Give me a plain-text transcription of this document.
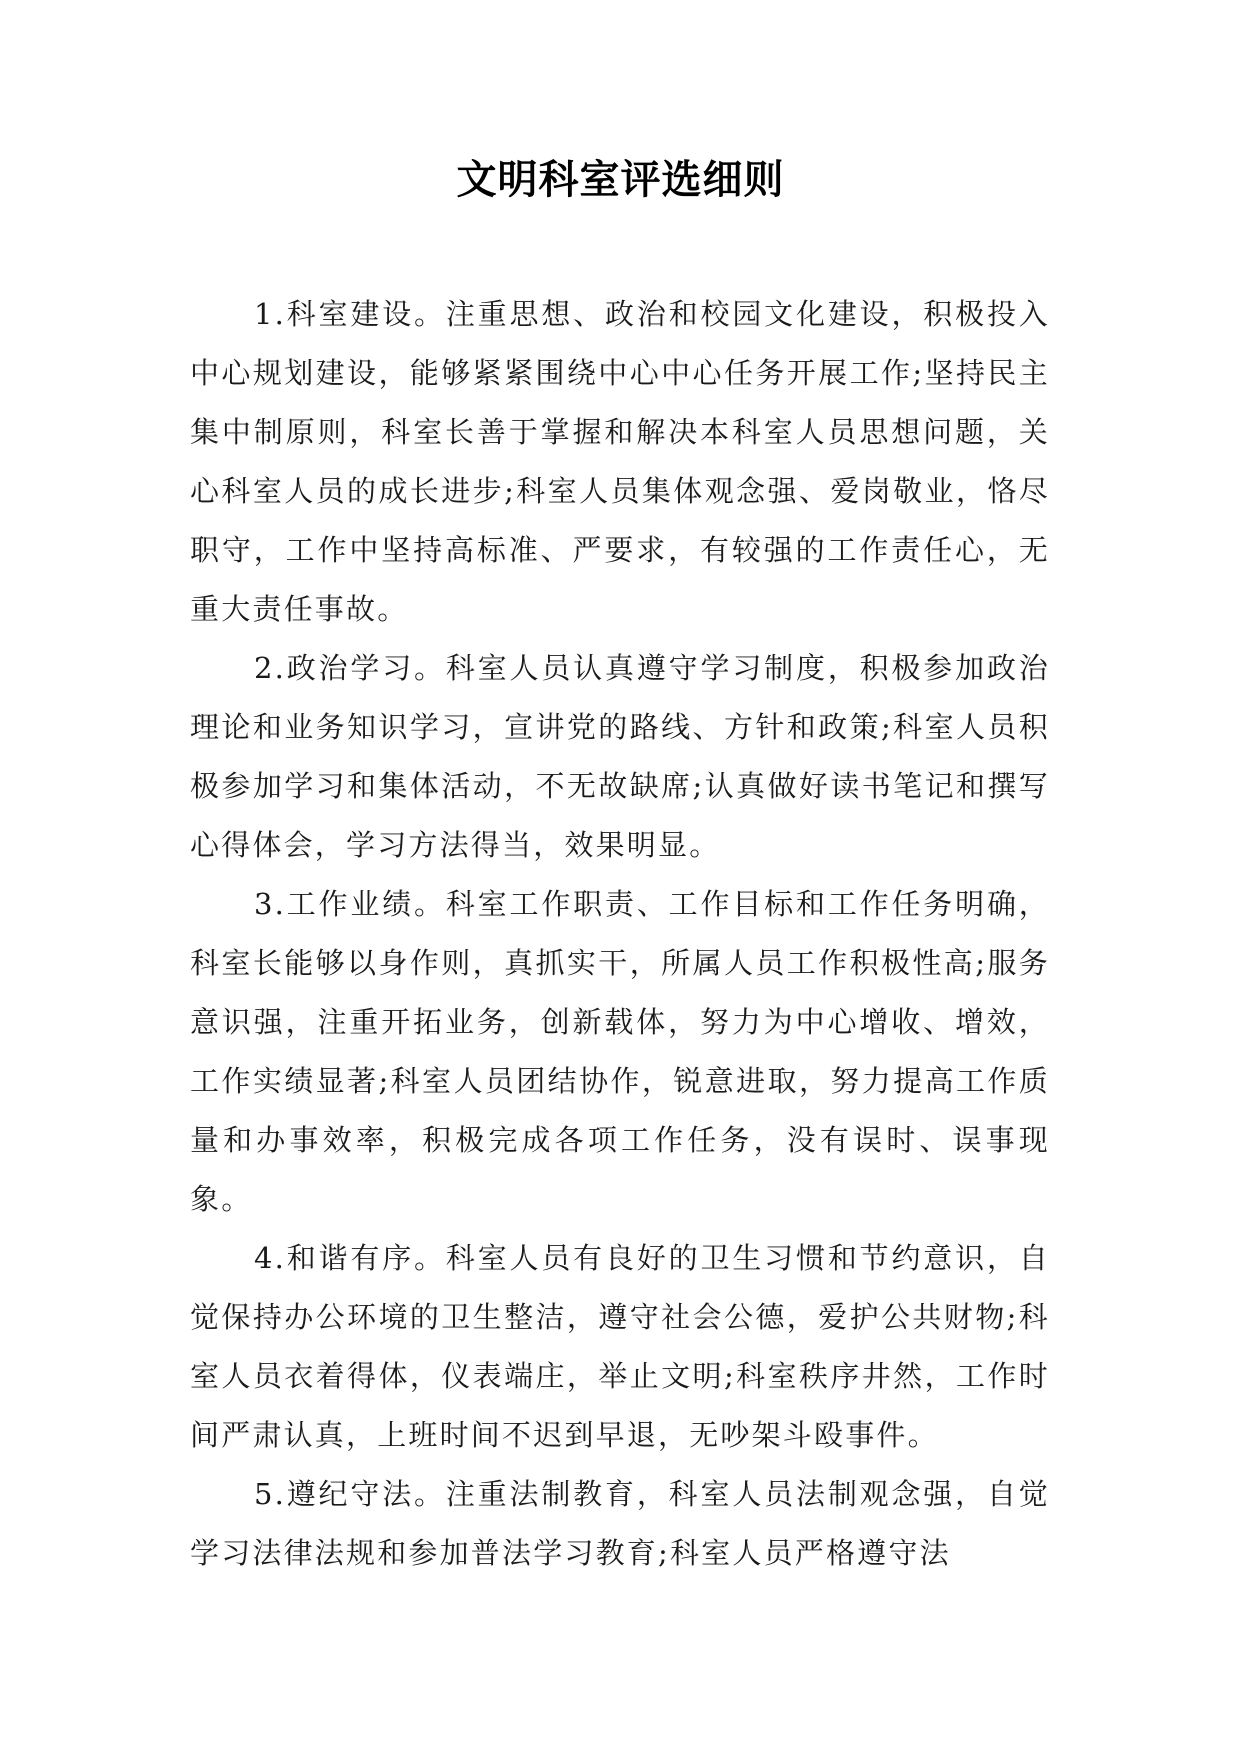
文明科室评选细则

1.科室建设。注重思想、政治和校园文化建设，积极投入中心规划建设，能够紧紧围绕中心中心任务开展工作;坚持民主集中制原则，科室长善于掌握和解决本科室人员思想问题，关心科室人员的成长进步;科室人员集体观念强、爱岗敬业，恪尽职守，工作中坚持高标准、严要求，有较强的工作责任心，无重大责任事故。

2.政治学习。科室人员认真遵守学习制度，积极参加政治理论和业务知识学习，宣讲党的路线、方针和政策;科室人员积极参加学习和集体活动，不无故缺席;认真做好读书笔记和撰写心得体会，学习方法得当，效果明显。

3.工作业绩。科室工作职责、工作目标和工作任务明确，科室长能够以身作则，真抓实干，所属人员工作积极性高;服务意识强，注重开拓业务，创新载体，努力为中心增收、增效，工作实绩显著;科室人员团结协作，锐意进取，努力提高工作质量和办事效率，积极完成各项工作任务，没有误时、误事现象。

4.和谐有序。科室人员有良好的卫生习惯和节约意识，自觉保持办公环境的卫生整洁，遵守社会公德，爱护公共财物;科室人员衣着得体，仪表端庄，举止文明;科室秩序井然，工作时间严肃认真，上班时间不迟到早退，无吵架斗殴事件。

5.遵纪守法。注重法制教育，科室人员法制观念强，自觉学习法律法规和参加普法学习教育;科室人员严格遵守法
